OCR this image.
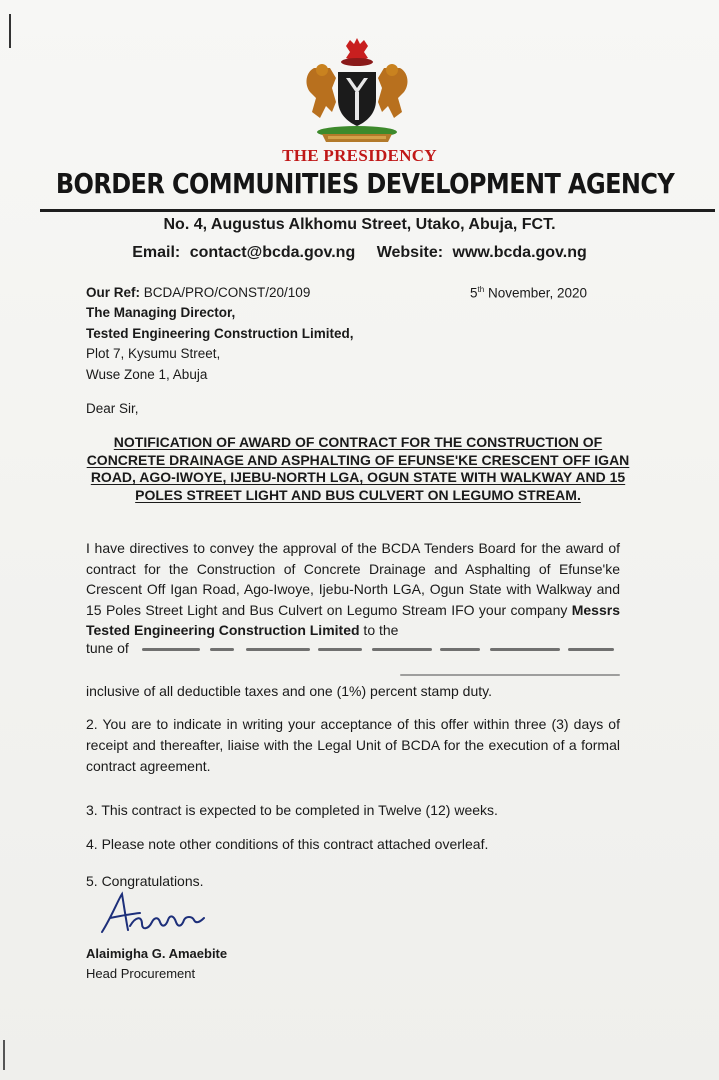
THE PRESIDENCY
BORDER COMMUNITIES DEVELOPMENT AGENCY
No. 4, Augustus Alkhomu Street, Utako, Abuja, FCT.
Email: contact@bcda.gov.ng Website: www.bcda.gov.ng
Our Ref: BCDA/PRO/CONST/20/109	5th November, 2020
The Managing Director,
Tested Engineering Construction Limited,
Plot 7, Kysumu Street,
Wuse Zone 1, Abuja
Dear Sir,
NOTIFICATION OF AWARD OF CONTRACT FOR THE CONSTRUCTION OF CONCRETE DRAINAGE AND ASPHALTING OF EFUNSE'KE CRESCENT OFF IGAN ROAD, AGO-IWOYE, IJEBU-NORTH LGA, OGUN STATE WITH WALKWAY AND 15 POLES STREET LIGHT AND BUS CULVERT ON LEGUMO STREAM.
I have directives to convey the approval of the BCDA Tenders Board for the award of contract for the Construction of Concrete Drainage and Asphalting of Efunse'ke Crescent Off Igan Road, Ago-Iwoye, Ijebu-North LGA, Ogun State with Walkway and 15 Poles Street Light and Bus Culvert on Legumo Stream IFO your company Messrs Tested Engineering Construction Limited to the
tune of
inclusive of all deductible taxes and one (1%) percent stamp duty.
2. You are to indicate in writing your acceptance of this offer within three (3) days of receipt and thereafter, liaise with the Legal Unit of BCDA for the execution of a formal contract agreement.
3. This contract is expected to be completed in Twelve (12) weeks.
4. Please note other conditions of this contract attached overleaf.
5. Congratulations.
Alaimigha G. Amaebite
Head Procurement
